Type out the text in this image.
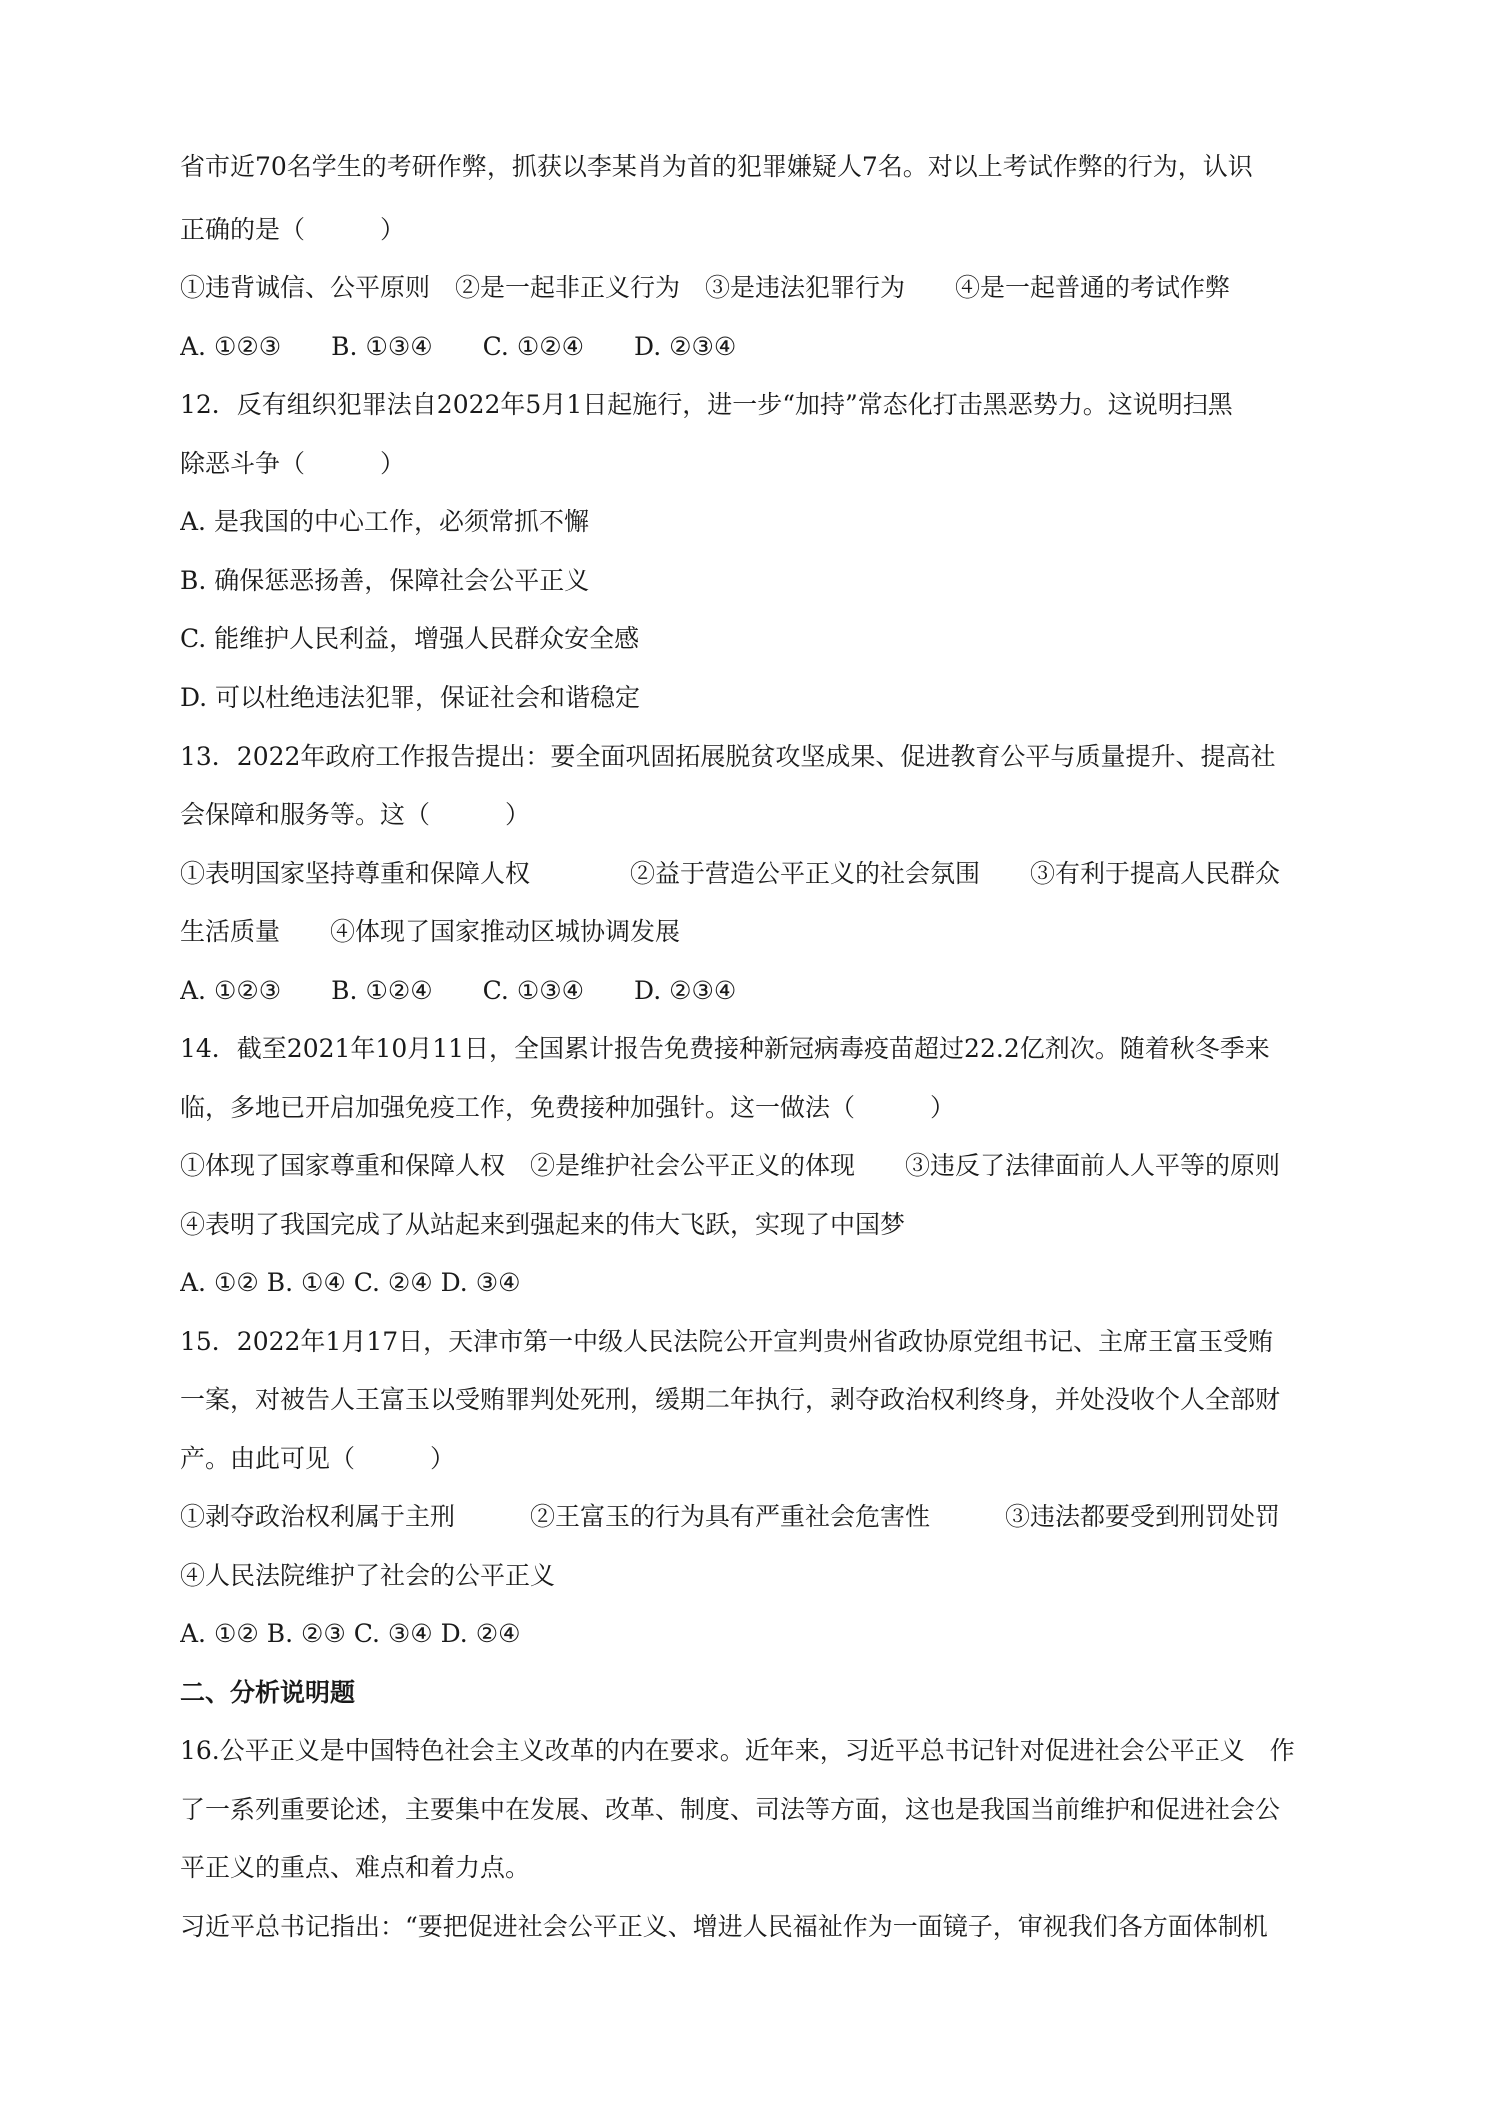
省市近70名学生的考研作弊，抓获以李某肖为首的犯罪嫌疑人7名。对以上考试作弊的行为，认识
正确的是（　　　）
①违背诚信、公平原则　②是一起非正义行为　③是违法犯罪行为　　④是一起普通的考试作弊
A. ①②③　　B. ①③④　　C. ①②④　　D. ②③④
12．反有组织犯罪法自2022年5月1日起施行，进一步“加持”常态化打击黑恶势力。这说明扫黑
除恶斗争（　　　）
A. 是我国的中心工作，必须常抓不懈
B. 确保惩恶扬善，保障社会公平正义
C. 能维护人民利益，增强人民群众安全感
D. 可以杜绝违法犯罪，保证社会和谐稳定
13．2022年政府工作报告提出：要全面巩固拓展脱贫攻坚成果、促进教育公平与质量提升、提高社
会保障和服务等。这（　　　）
①表明国家坚持尊重和保障人权　　　　②益于营造公平正义的社会氛围　　③有利于提高人民群众
生活质量　　④体现了国家推动区城协调发展
A. ①②③　　B. ①②④　　C. ①③④　　D. ②③④
14．截至2021年10月11日，全国累计报告免费接种新冠病毒疫苗超过22.2亿剂次。随着秋冬季来
临，多地已开启加强免疫工作，免费接种加强针。这一做法（　　　）
①体现了国家尊重和保障人权　②是维护社会公平正义的体现　　③违反了法律面前人人平等的原则
④表明了我国完成了从站起来到强起来的伟大飞跃，实现了中国梦
A. ①② B. ①④ C. ②④ D. ③④
15．2022年1月17日，天津市第一中级人民法院公开宣判贵州省政协原党组书记、主席王富玉受贿
一案，对被告人王富玉以受贿罪判处死刑，缓期二年执行，剥夺政治权利终身，并处没收个人全部财
产。由此可见（　　　）
①剥夺政治权利属于主刑　　　②王富玉的行为具有严重社会危害性　　　③违法都要受到刑罚处罚
④人民法院维护了社会的公平正义
A. ①② B. ②③ C. ③④ D. ②④
二、分析说明题
16.公平正义是中国特色社会主义改革的内在要求。近年来，习近平总书记针对促进社会公平正义　作
了一系列重要论述，主要集中在发展、改革、制度、司法等方面，这也是我国当前维护和促进社会公
平正义的重点、难点和着力点。
习近平总书记指出：“要把促进社会公平正义、增进人民福祉作为一面镜子，审视我们各方面体制机
